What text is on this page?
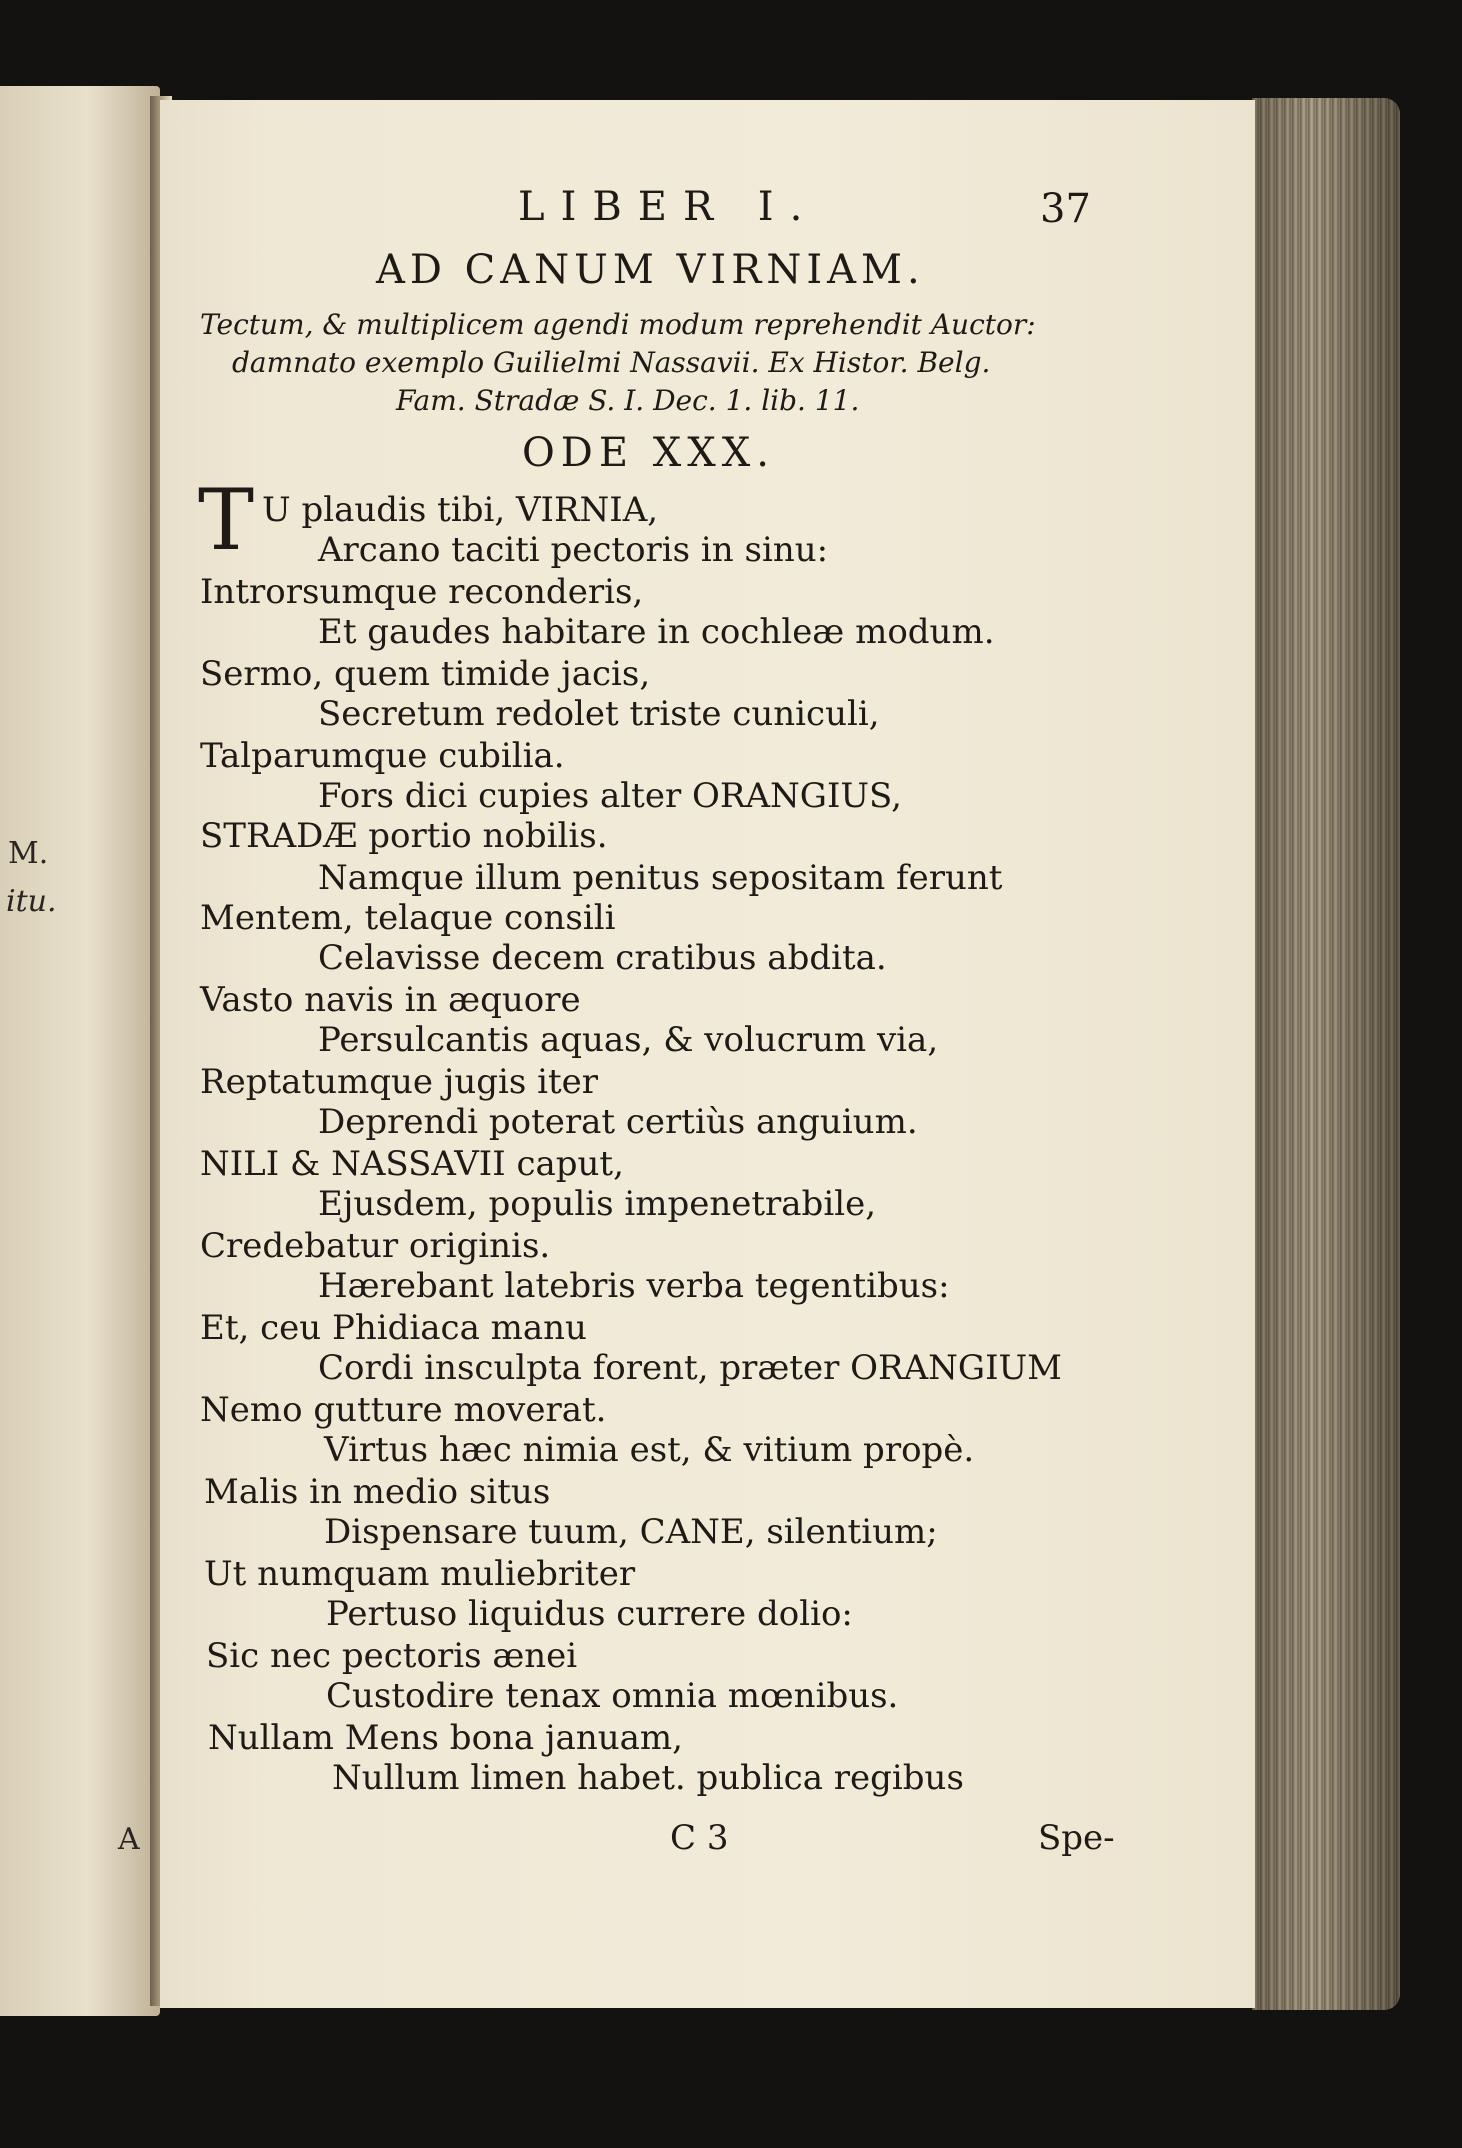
M.
itu.
A
LIBER I.	37
AD CANUM VIRNIAM.
Tectum, & multiplicem agendi modum reprehendit Auctor:
damnato exemplo Guilielmi Nassavii. Ex Histor. Belg.
Fam. Stradæ S. I. Dec. 1. lib. 11.
ODE XXX.
T U plaudis tibi, VIRNIA,
Arcano taciti pectoris in sinu:
Introrsumque reconderis,
Et gaudes habitare in cochleæ modum.
Sermo, quem timide jacis,
Secretum redolet triste cuniculi,
Talparumque cubilia.
Fors dici cupies alter ORANGIUS,
STRADÆ portio nobilis.
Namque illum penitus sepositam ferunt
Mentem, telaque consili
Celavisse decem cratibus abdita.
Vasto navis in æquore
Persulcantis aquas, & volucrum via,
Reptatumque jugis iter
Deprendi poterat certiùs anguium.
NILI & NASSAVII caput,
Ejusdem, populis impenetrabile,
Credebatur originis.
Hærebant latebris verba tegentibus:
Et, ceu Phidiaca manu
Cordi insculpta forent, præter ORANGIUM
Nemo gutture moverat.
Virtus hæc nimia est, & vitium propè.
Malis in medio situs
Dispensare tuum, CANE, silentium;
Ut numquam muliebriter
Pertuso liquidus currere dolio:
Sic nec pectoris ænei
Custodire tenax omnia mœnibus.
Nullam Mens bona januam,
Nullum limen habet. publica regibus
C 3	Spe-
